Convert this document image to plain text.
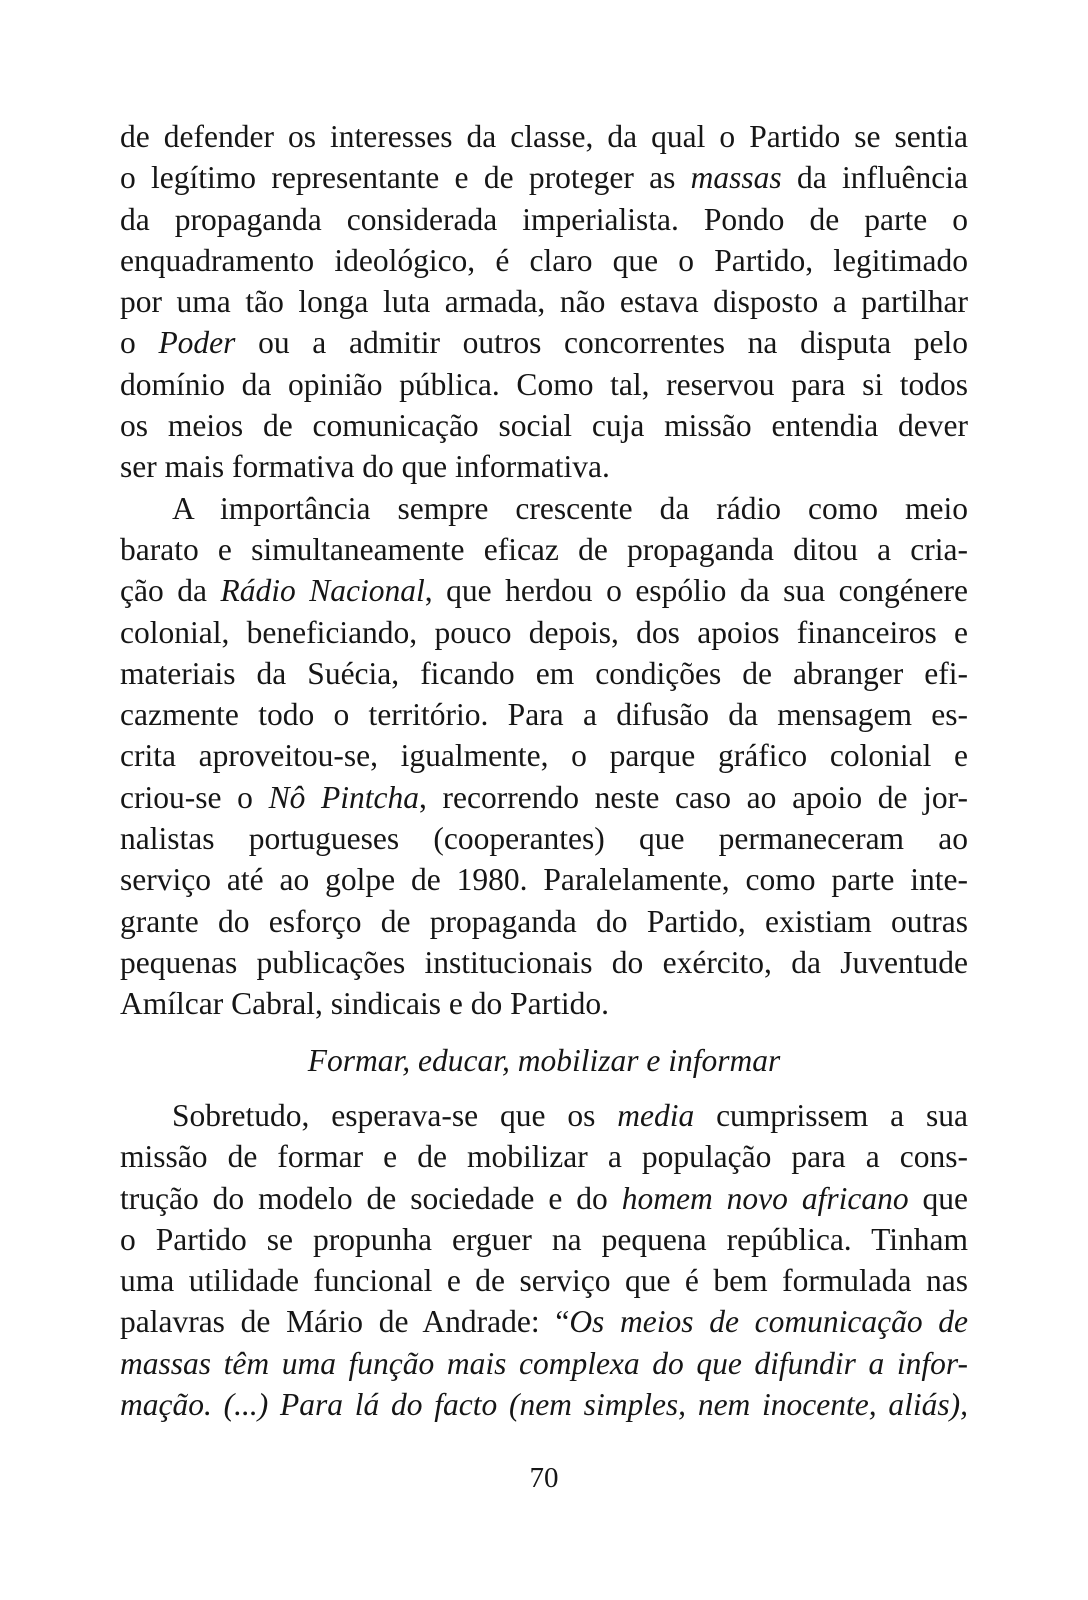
de defender os interesses da classe, da qual o Partido se sentia
o legítimo representante e de proteger as massas da influência
da propaganda considerada imperialista. Pondo de parte o
enquadramento ideológico, é claro que o Partido, legitimado
por uma tão longa luta armada, não estava disposto a partilhar
o Poder ou a admitir outros concorrentes na disputa pelo
domínio da opinião pública. Como tal, reservou para si todos
os meios de comunicação social cuja missão entendia dever
ser mais formativa do que informativa.
A importância sempre crescente da rádio como meio
barato e simultaneamente eficaz de propaganda ditou a cria-
ção da Rádio Nacional, que herdou o espólio da sua congénere
colonial, beneficiando, pouco depois, dos apoios financeiros e
materiais da Suécia, ficando em condições de abranger efi-
cazmente todo o território. Para a difusão da mensagem es-
crita aproveitou-se, igualmente, o parque gráfico colonial e
criou-se o Nô Pintcha, recorrendo neste caso ao apoio de jor-
nalistas portugueses (cooperantes) que permaneceram ao
serviço até ao golpe de 1980. Paralelamente, como parte inte-
grante do esforço de propaganda do Partido, existiam outras
pequenas publicações institucionais do exército, da Juventude
Amílcar Cabral, sindicais e do Partido.
Formar, educar, mobilizar e informar
Sobretudo, esperava-se que os media cumprissem a sua
missão de formar e de mobilizar a população para a cons-
trução do modelo de sociedade e do homem novo africano que
o Partido se propunha erguer na pequena república. Tinham
uma utilidade funcional e de serviço que é bem formulada nas
palavras de Mário de Andrade: “Os meios de comunicação de
massas têm uma função mais complexa do que difundir a infor-
mação. (...) Para lá do facto (nem simples, nem inocente, aliás),
70
